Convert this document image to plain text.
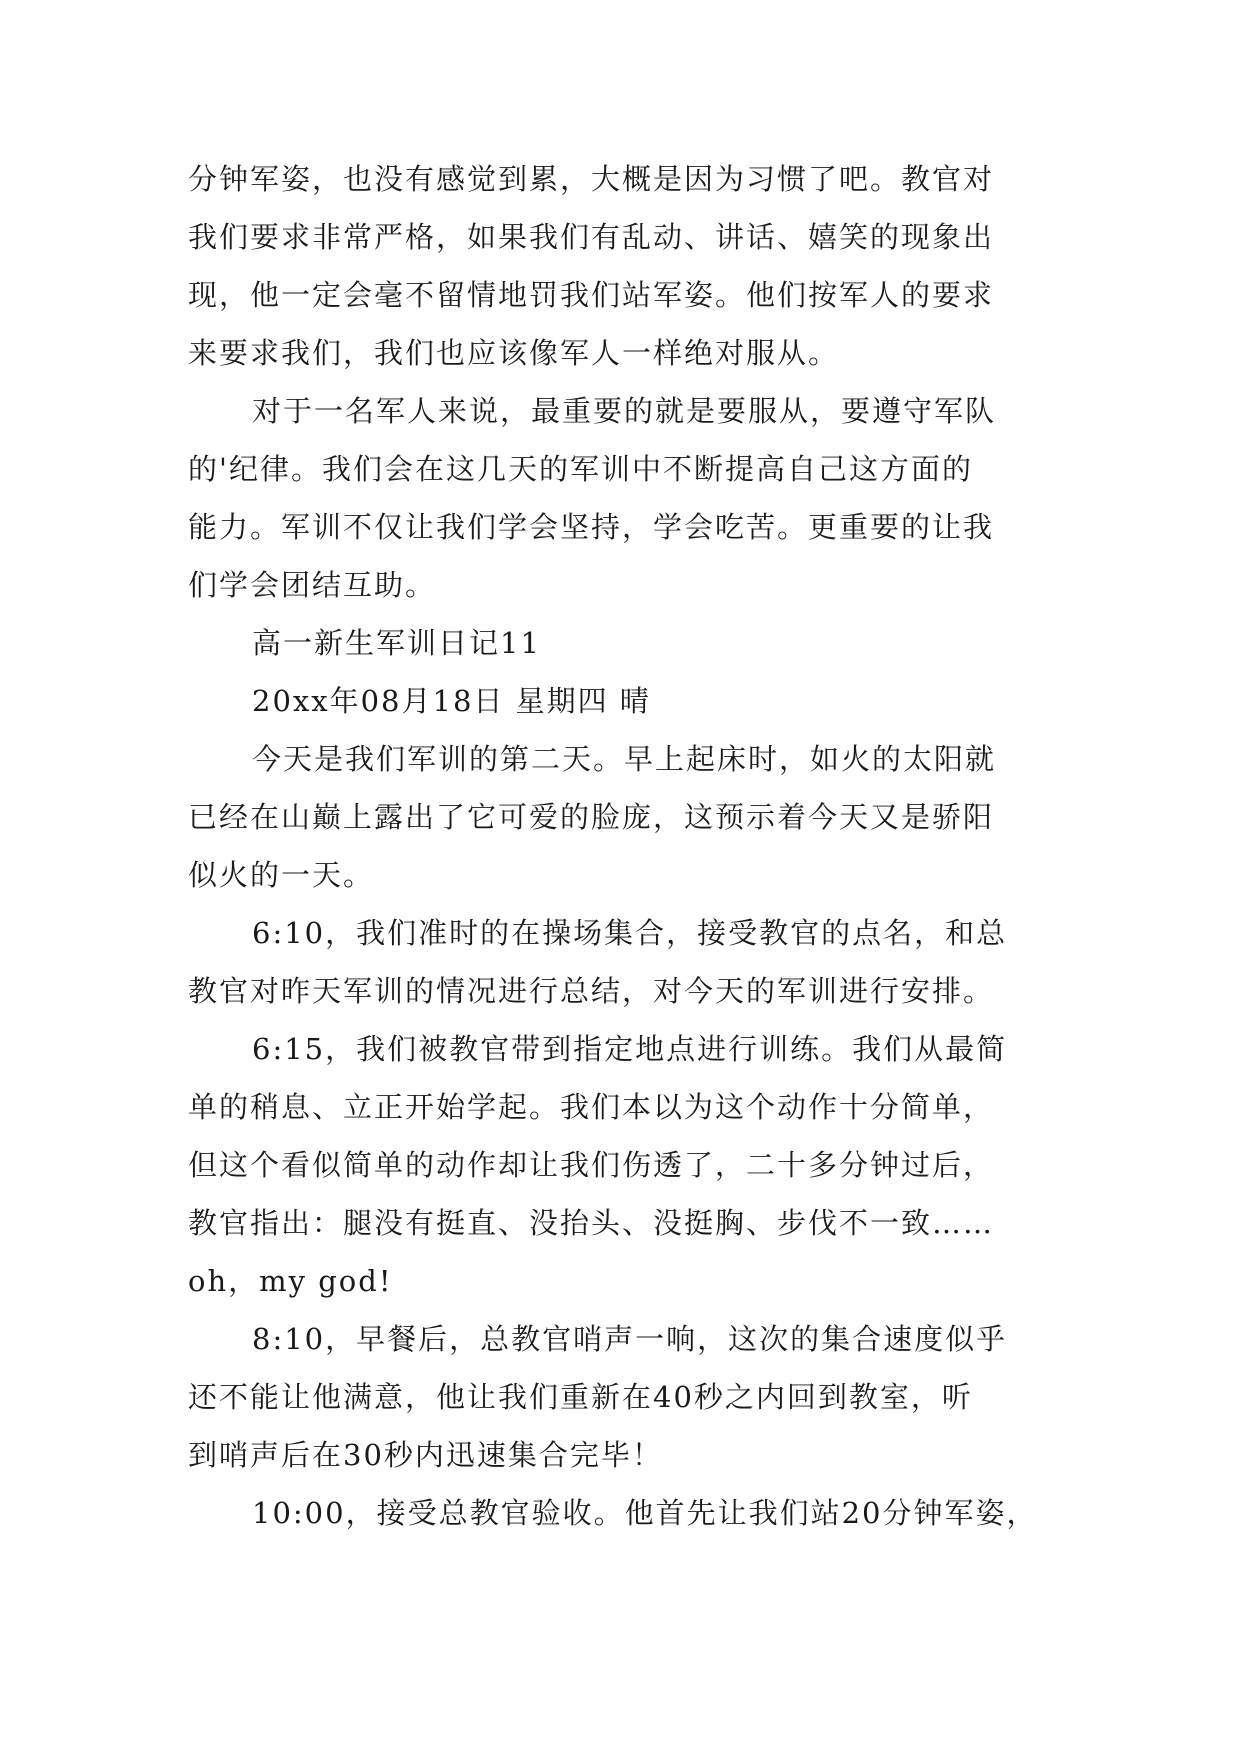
分钟军姿，也没有感觉到累，大概是因为习惯了吧。教官对
我们要求非常严格，如果我们有乱动、讲话、嬉笑的现象出
现，他一定会毫不留情地罚我们站军姿。他们按军人的要求
来要求我们，我们也应该像军人一样绝对服从。
对于一名军人来说，最重要的就是要服从，要遵守军队
的'纪律。我们会在这几天的军训中不断提高自己这方面的
能力。军训不仅让我们学会坚持，学会吃苦。更重要的让我
们学会团结互助。
高一新生军训日记11
20xx年08月18日 星期四 晴
今天是我们军训的第二天。早上起床时，如火的太阳就
已经在山巅上露出了它可爱的脸庞，这预示着今天又是骄阳
似火的一天。
6:10，我们准时的在操场集合，接受教官的点名，和总
教官对昨天军训的情况进行总结，对今天的军训进行安排。
6:15，我们被教官带到指定地点进行训练。我们从最简
单的稍息、立正开始学起。我们本以为这个动作十分简单，
但这个看似简单的动作却让我们伤透了，二十多分钟过后，
教官指出：腿没有挺直、没抬头、没挺胸、步伐不一致……
oh，my god!
8:10，早餐后，总教官哨声一响，这次的集合速度似乎
还不能让他满意，他让我们重新在40秒之内回到教室，听
到哨声后在30秒内迅速集合完毕！
10:00，接受总教官验收。他首先让我们站20分钟军姿，
